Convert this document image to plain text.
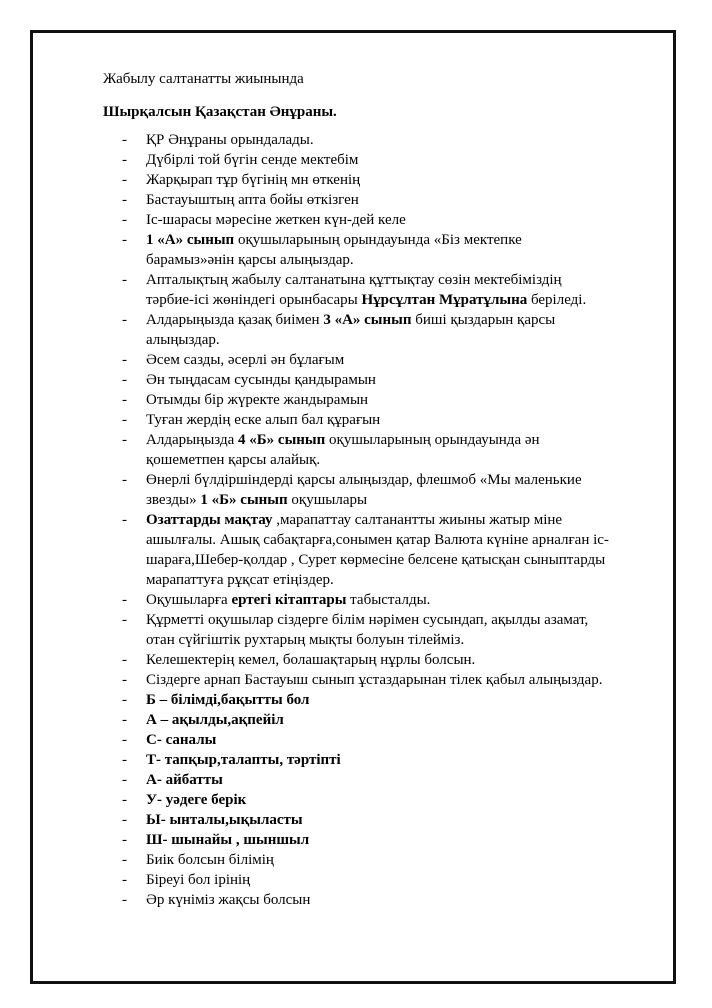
Жабылу салтанатты жиынында
Шырқалсын Қазақстан Әнұраны.
- ҚР Әнұраны орындалады.
- Дүбірлі той бүгін сенде мектебім
- Жарқырап тұр бүгінің мн өткенің
- Бастауыштың апта бойы өткізген
- Іс-шарасы мәресіне жеткен күн-дей келе
- 1 «А» сынып оқушыларының орындауында «Біз мектепке
барамыз»әнін қарсы алыңыздар.
- Апталықтың жабылу салтанатына құттықтау сөзін мектебіміздің
тәрбие-ісі жөніндегі орынбасары Нұрсұлтан Мұратұлына беріледі.
- Алдарыңызда қазақ биімен 3 «А» сынып биші қыздарын қарсы
алыңыздар.
- Әсем сазды, әсерлі ән бұлағым
- Ән тыңдасам сусынды қандырамын
- Отымды бір жүректе жандырамын
- Туған жердің еске алып бал құрағын
- Алдарыңызда 4 «Б» сынып оқушыларының орындауында ән
қошеметпен қарсы алайық.
- Өнерлі бүлдіршіндерді қарсы алыңыздар, флешмоб «Мы маленькие
звезды» 1 «Б» сынып оқушылары
- Озаттарды мақтау ,марапаттау салтанантты жиыны жатыр міне
ашылғалы. Ашық сабақтарға,сонымен қатар Валюта күніне арналған іс-
шараға,Шебер-қолдар , Сурет көрмесіне белсене қатысқан сыныптарды
марапаттуға рұқсат етіңіздер.
- Оқушыларға ертегі кітаптары табысталды.
- Құрметті оқушылар сіздерге білім нәрімен сусындап, ақылды азамат,
отан сүйгіштік рухтарың мықты болуын тілейміз.
- Келешектерің кемел, болашақтарың нұрлы болсын.
- Сіздерге арнап Бастауыш сынып ұстаздарынан тілек қабыл алыңыздар.
- Б – білімді,бақытты бол
- А – ақылды,ақпейіл
- С- саналы
- Т- тапқыр,талапты, тәртіпті
- А- айбатты
- У- уәдеге берік
- Ы- ынталы,ықыласты
- Ш- шынайы , шыншыл
- Биік болсын білімің
- Біреуі бол ірінің
- Әр күніміз жақсы болсын
